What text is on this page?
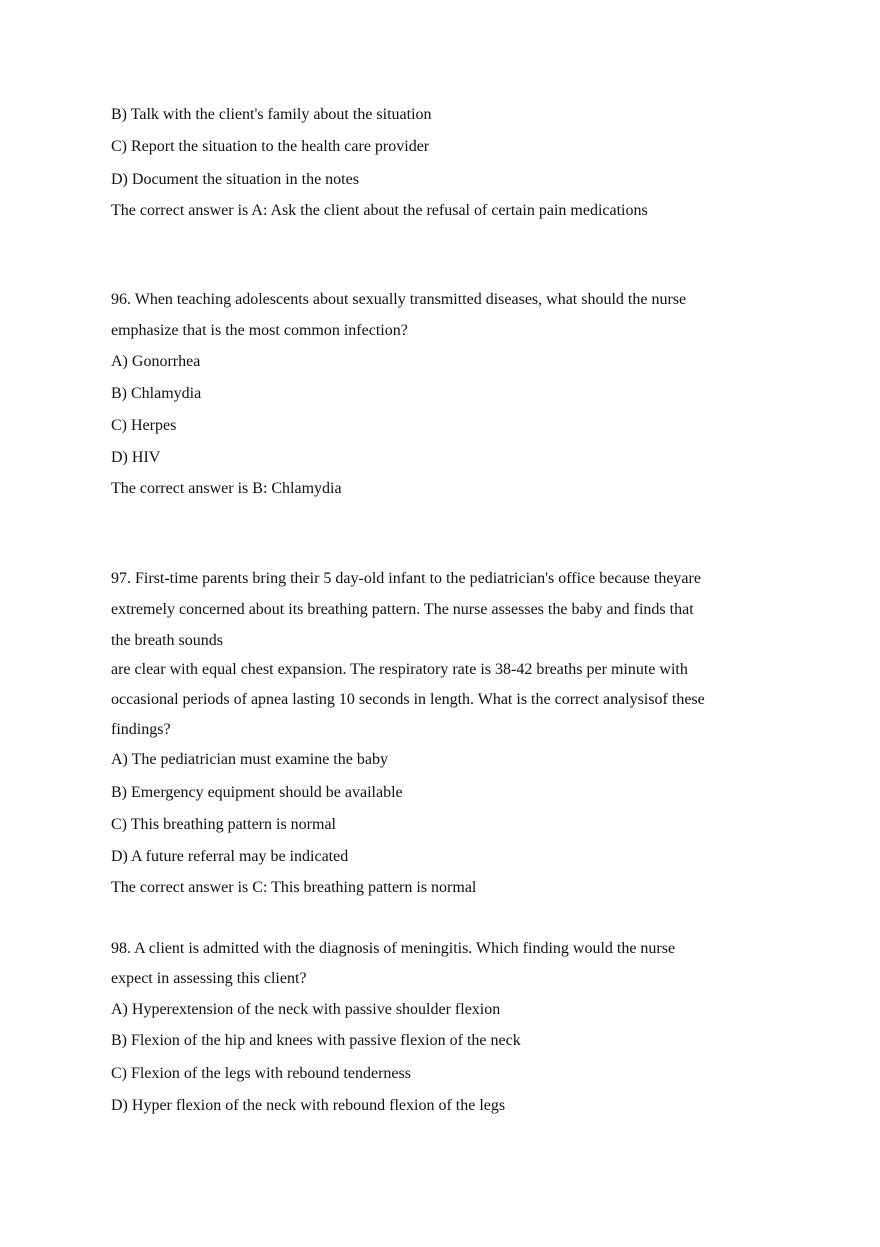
B) Talk with the client's family about the situation
C) Report the situation to the health care provider
D) Document the situation in the notes
The correct answer is A: Ask the client about the refusal of certain pain medications
96. When teaching adolescents about sexually transmitted diseases, what should the nurse
emphasize that is the most common infection?
A) Gonorrhea
B) Chlamydia
C) Herpes
D) HIV
The correct answer is B: Chlamydia
97. First-time parents bring their 5 day-old infant to the pediatrician's office because theyare
extremely concerned about its breathing pattern. The nurse assesses the baby and finds that
the breath sounds
are clear with equal chest expansion. The respiratory rate is 38-42 breaths per minute with
occasional periods of apnea lasting 10 seconds in length. What is the correct analysisof these
findings?
A) The pediatrician must examine the baby
B) Emergency equipment should be available
C) This breathing pattern is normal
D) A future referral may be indicated
The correct answer is C: This breathing pattern is normal
98. A client is admitted with the diagnosis of meningitis. Which finding would the nurse
expect in assessing this client?
A) Hyperextension of the neck with passive shoulder flexion
B) Flexion of the hip and knees with passive flexion of the neck
C) Flexion of the legs with rebound tenderness
D) Hyper flexion of the neck with rebound flexion of the legs
